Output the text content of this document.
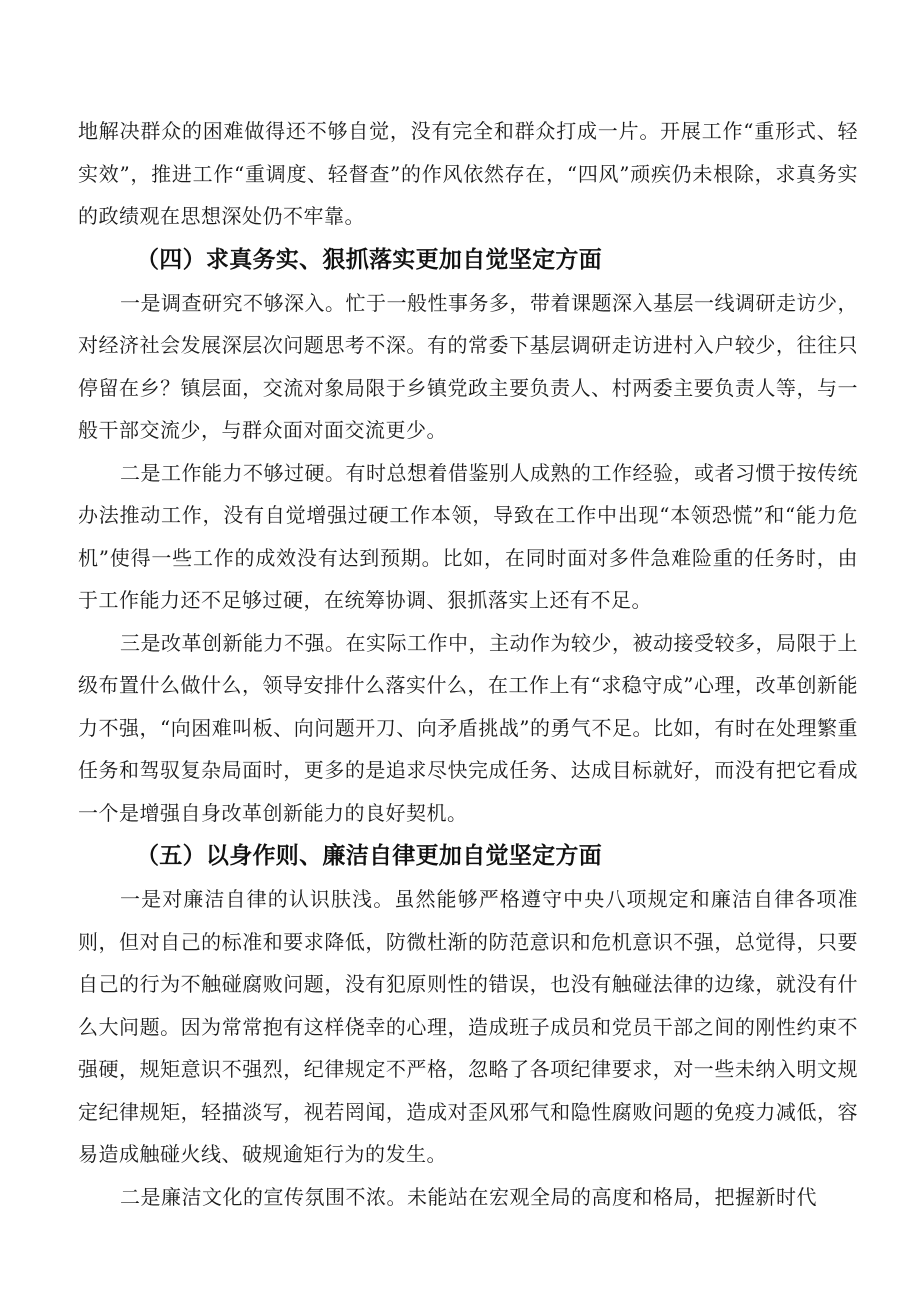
地解决群众的困难做得还不够自觉，没有完全和群众打成一片。开展工作“重形式、轻实效”，推进工作“重调度、轻督查”的作风依然存在，“四风”顽疾仍未根除，求真务实的政绩观在思想深处仍不牢靠。

（四）求真务实、狠抓落实更加自觉坚定方面

一是调查研究不够深入。忙于一般性事务多，带着课题深入基层一线调研走访少，对经济社会发展深层次问题思考不深。有的常委下基层调研走访进村入户较少，往往只停留在乡？镇层面，交流对象局限于乡镇党政主要负责人、村两委主要负责人等，与一般干部交流少，与群众面对面交流更少。

二是工作能力不够过硬。有时总想着借鉴别人成熟的工作经验，或者习惯于按传统办法推动工作，没有自觉增强过硬工作本领，导致在工作中出现“本领恐慌”和“能力危机”使得一些工作的成效没有达到预期。比如，在同时面对多件急难险重的任务时，由于工作能力还不足够过硬，在统筹协调、狠抓落实上还有不足。

三是改革创新能力不强。在实际工作中，主动作为较少，被动接受较多，局限于上级布置什么做什么，领导安排什么落实什么，在工作上有“求稳守成”心理，改革创新能力不强，“向困难叫板、向问题开刀、向矛盾挑战”的勇气不足。比如，有时在处理繁重任务和驾驭复杂局面时，更多的是追求尽快完成任务、达成目标就好，而没有把它看成一个是增强自身改革创新能力的良好契机。

（五）以身作则、廉洁自律更加自觉坚定方面

一是对廉洁自律的认识肤浅。虽然能够严格遵守中央八项规定和廉洁自律各项准则，但对自己的标准和要求降低，防微杜渐的防范意识和危机意识不强，总觉得，只要自己的行为不触碰腐败问题，没有犯原则性的错误，也没有触碰法律的边缘，就没有什么大问题。因为常常抱有这样侥幸的心理，造成班子成员和党员干部之间的刚性约束不强硬，规矩意识不强烈，纪律规定不严格，忽略了各项纪律要求，对一些未纳入明文规定纪律规矩，轻描淡写，视若罔闻，造成对歪风邪气和隐性腐败问题的免疫力减低，容易造成触碰火线、破规逾矩行为的发生。

二是廉洁文化的宣传氛围不浓。未能站在宏观全局的高度和格局，把握新时代
